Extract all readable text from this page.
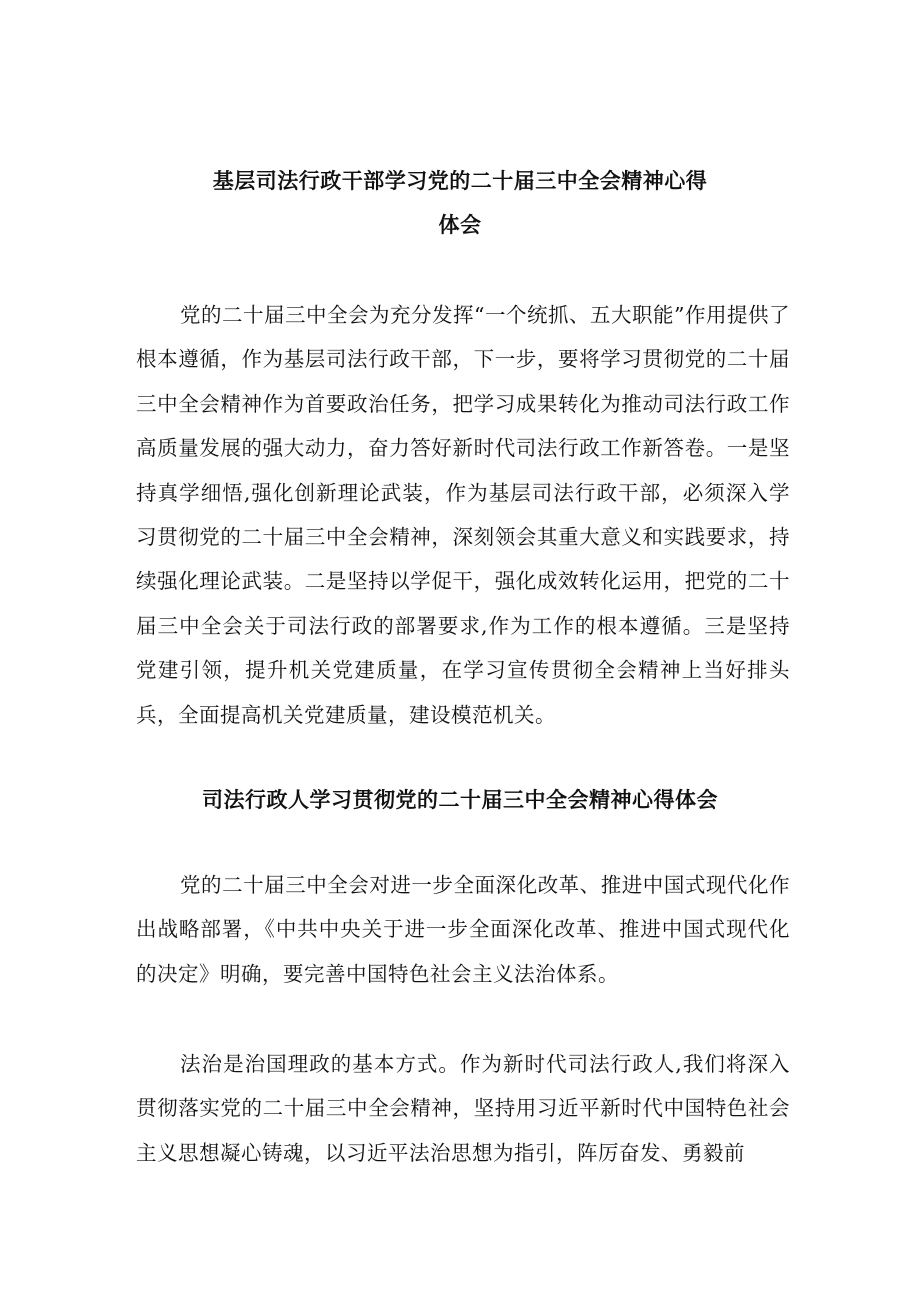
基层司法行政干部学习党的二十届三中全会精神心得
体会

党的二十届三中全会为充分发挥“一个统抓、五大职能”作用提供了根本遵循，作为基层司法行政干部，下一步，要将学习贯彻党的二十届三中全会精神作为首要政治任务，把学习成果转化为推动司法行政工作高质量发展的强大动力，奋力答好新时代司法行政工作新答卷。一是坚持真学细悟,强化创新理论武装，作为基层司法行政干部，必须深入学习贯彻党的二十届三中全会精神，深刻领会其重大意义和实践要求，持续强化理论武装。二是坚持以学促干，强化成效转化运用，把党的二十届三中全会关于司法行政的部署要求,作为工作的根本遵循。三是坚持党建引领，提升机关党建质量，在学习宣传贯彻全会精神上当好排头兵，全面提高机关党建质量，建设模范机关。

司法行政人学习贯彻党的二十届三中全会精神心得体会

党的二十届三中全会对进一步全面深化改革、推进中国式现代化作出战略部署，《中共中央关于进一步全面深化改革、推进中国式现代化的决定》明确，要完善中国特色社会主义法治体系。

法治是治国理政的基本方式。作为新时代司法行政人,我们将深入贯彻落实党的二十届三中全会精神，坚持用习近平新时代中国特色社会主义思想凝心铸魂，以习近平法治思想为指引，阵厉奋发、勇毅前
